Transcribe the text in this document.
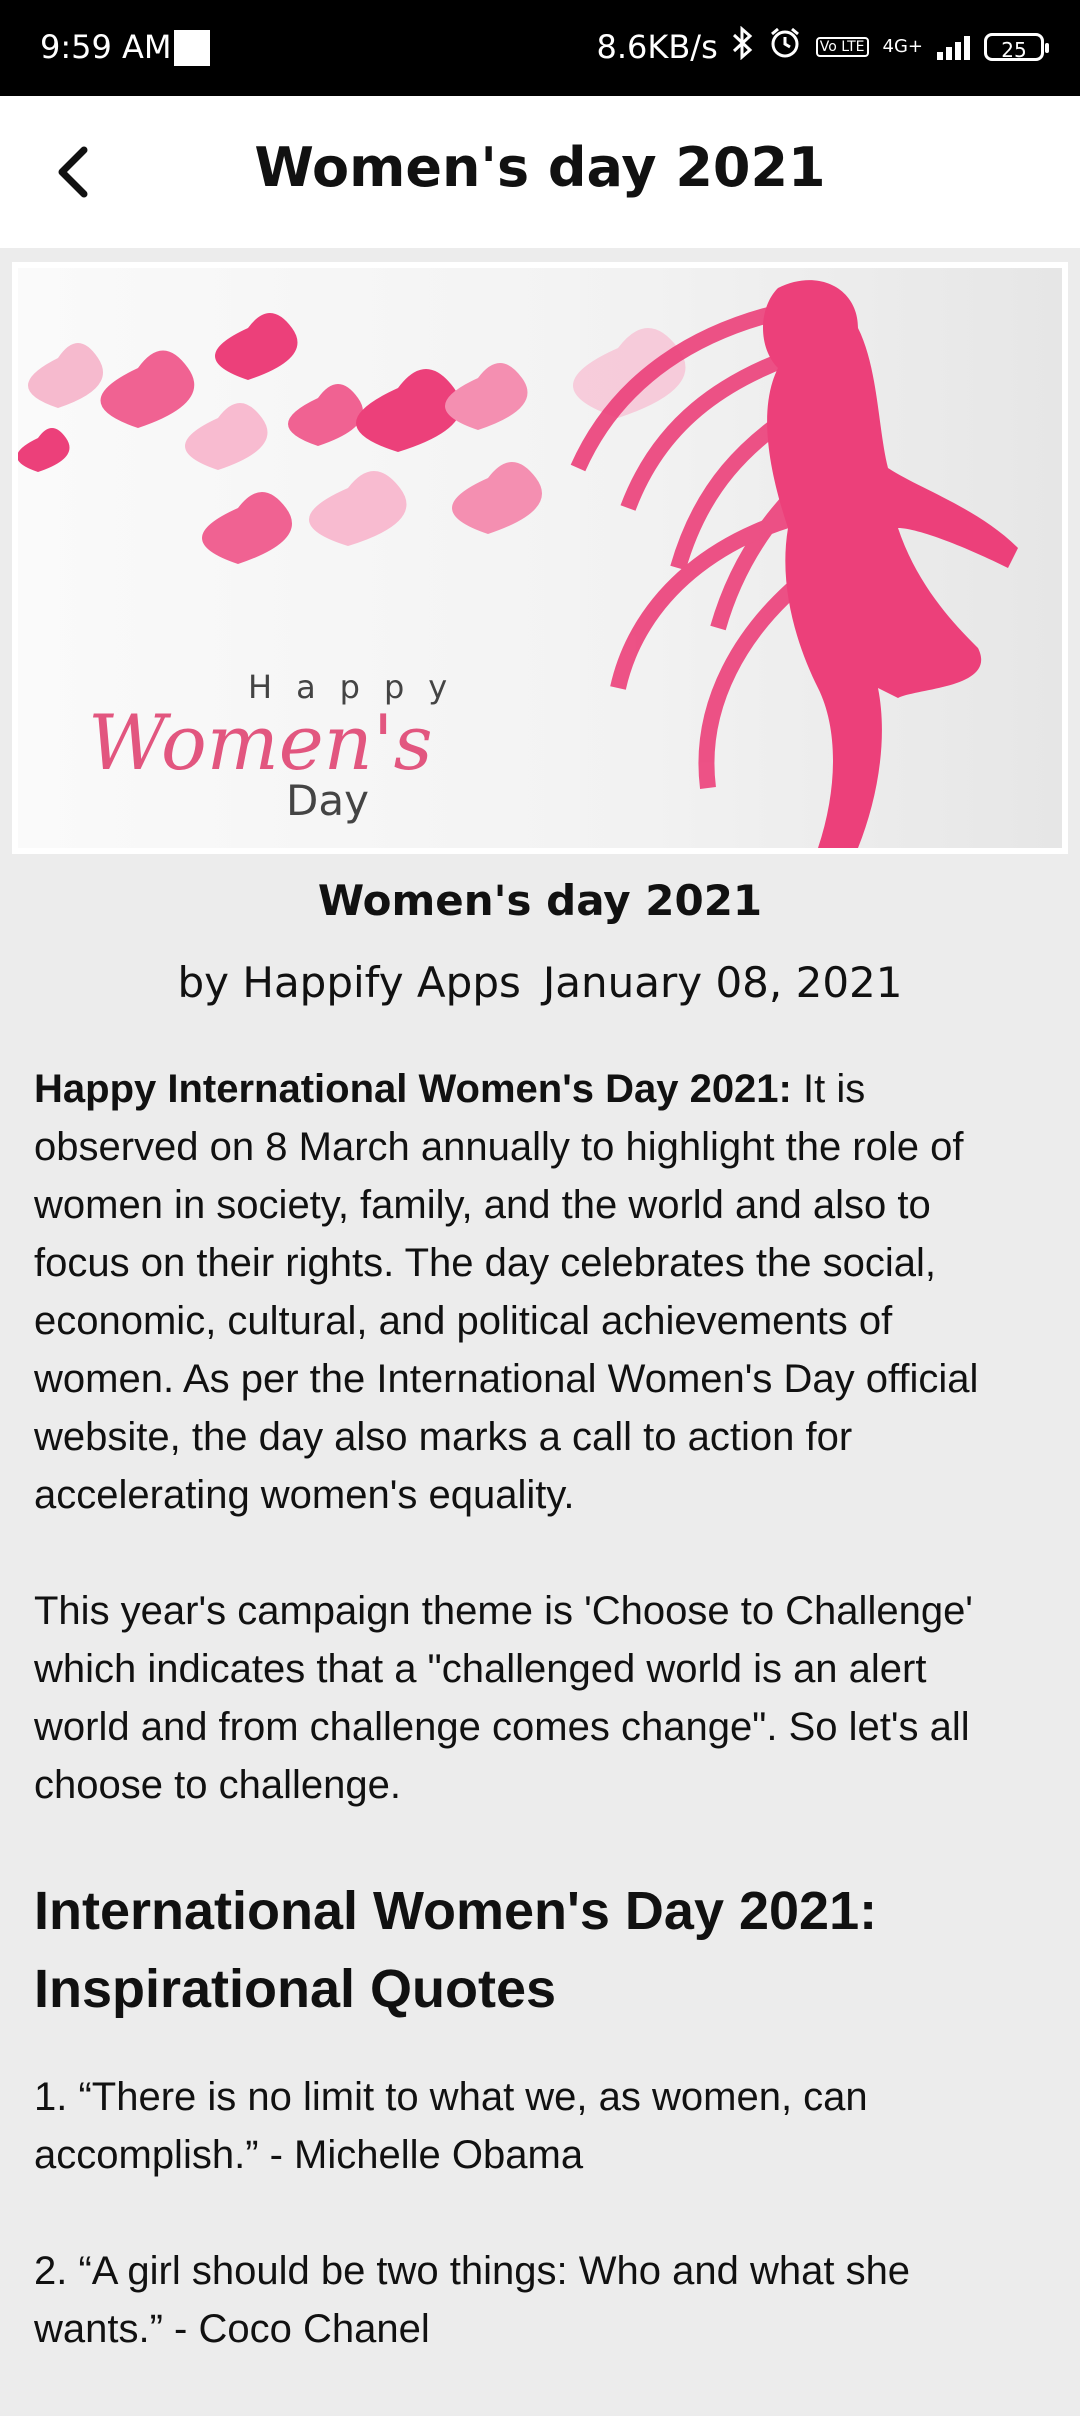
9:59 AM	8.6KB/s	Vo LTE 4G+	25
Women's day 2021
Happy
Women's
Day
Women's day 2021
by Happify Apps January 08, 2021

Happy International Women's Day 2021: It is

observed on 8 March annually to highlight the role of

women in society, family, and the world and also to

focus on their rights. The day celebrates the social,

economic, cultural, and political achievements of

women. As per the International Women's Day official

website, the day also marks a call to action for

accelerating women's equality.

This year's campaign theme is 'Choose to Challenge'

which indicates that a "challenged world is an alert

world and from challenge comes change". So let's all

choose to challenge.

International Women's Day 2021:

Inspirational Quotes

1. “There is no limit to what we, as women, can

accomplish.” - Michelle Obama

2. “A girl should be two things: Who and what she

wants.” - Coco Chanel
